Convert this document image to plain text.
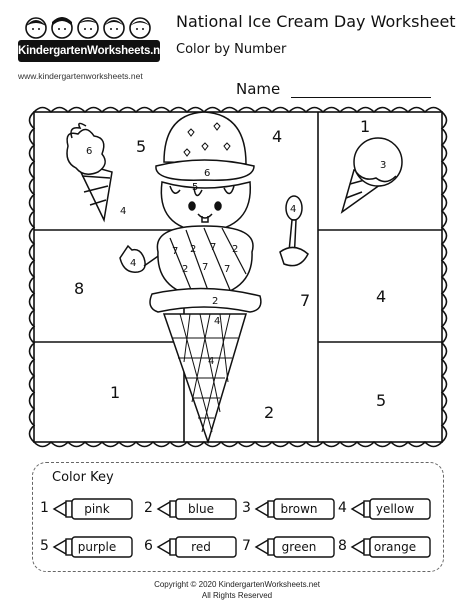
KindergartenWorksheets.net
www.kindergartenworksheets.net
National Ice Cream Day Worksheet
Color by Number
Name
5
4
1
8
7	4
1
2
5
4
3
6
5
6
4
4
7 2 7 2
2 7 7
2
4
4
Color Key
1	pink	2	blue	3	brown	4	yellow
5	purple	6	red	7	green	8	orange
Copyright © 2020 KindergartenWorksheets.net
All Rights Reserved
